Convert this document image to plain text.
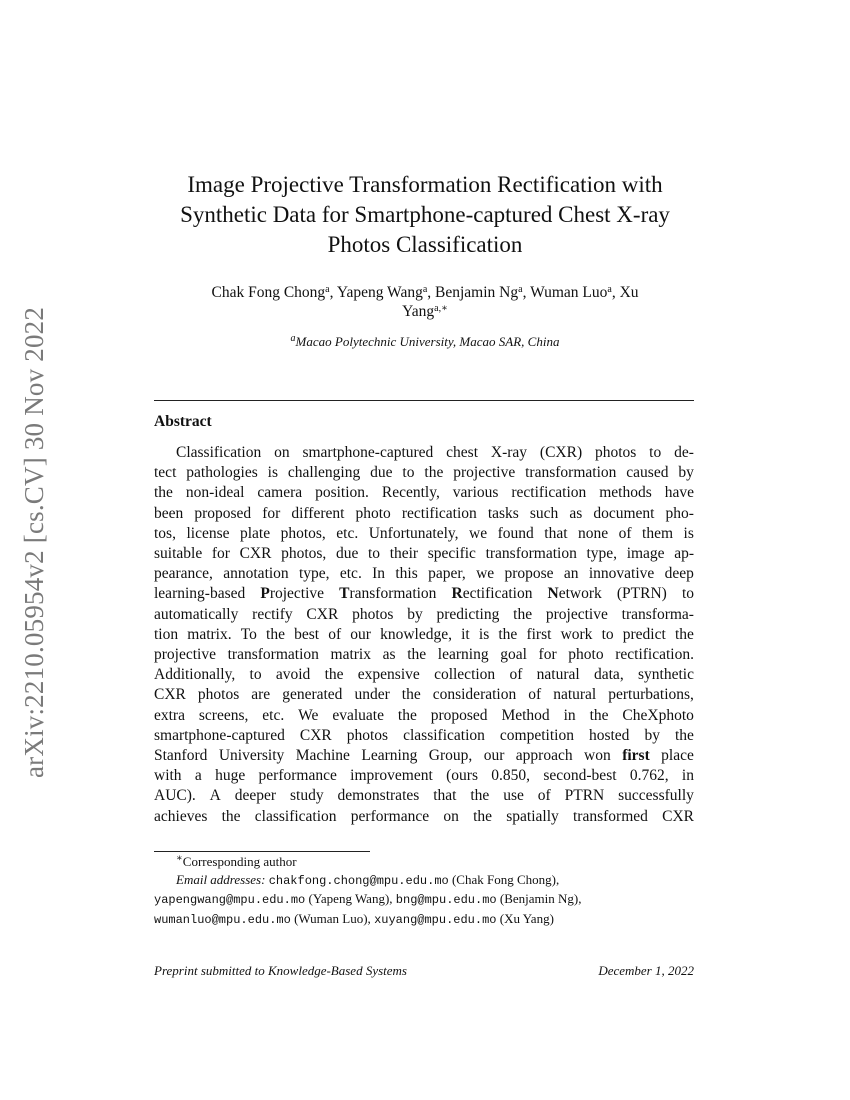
arXiv:2210.05954v2 [cs.CV] 30 Nov 2022
Image Projective Transformation Rectification with
Synthetic Data for Smartphone-captured Chest X-ray
Photos Classification
Chak Fong Chong$^a$, Yapeng Wang$^a$, Benjamin Ng$^a$, Wuman Luo$^a$, Xu
Yang$^{a,∗}$
$^a$Macao Polytechnic University, Macao SAR, China
Abstract
Classification on smartphone-captured chest X-ray (CXR) photos to de-
tect pathologies is challenging due to the projective transformation caused by
the non-ideal camera position. Recently, various rectification methods have
been proposed for different photo rectification tasks such as document pho-
tos, license plate photos, etc. Unfortunately, we found that none of them is
suitable for CXR photos, due to their specific transformation type, image ap-
pearance, annotation type, etc. In this paper, we propose an innovative deep
learning-based Projective Transformation Rectification Network (PTRN) to
automatically rectify CXR photos by predicting the projective transforma-
tion matrix. To the best of our knowledge, it is the first work to predict the
projective transformation matrix as the learning goal for photo rectification.
Additionally, to avoid the expensive collection of natural data, synthetic
CXR photos are generated under the consideration of natural perturbations,
extra screens, etc. We evaluate the proposed Method in the CheXphoto
smartphone-captured CXR photos classification competition hosted by the
Stanford University Machine Learning Group, our approach won first place
with a huge performance improvement (ours 0.850, second-best 0.762, in
AUC). A deeper study demonstrates that the use of PTRN successfully
achieves the classification performance on the spatially transformed CXR
∗Corresponding author
Email addresses: chakfong.chong@mpu.edu.mo (Chak Fong Chong),
yapengwang@mpu.edu.mo (Yapeng Wang), bng@mpu.edu.mo (Benjamin Ng),
wumanluo@mpu.edu.mo (Wuman Luo), xuyang@mpu.edu.mo (Xu Yang)
Preprint submitted to Knowledge-Based Systems	December 1, 2022
